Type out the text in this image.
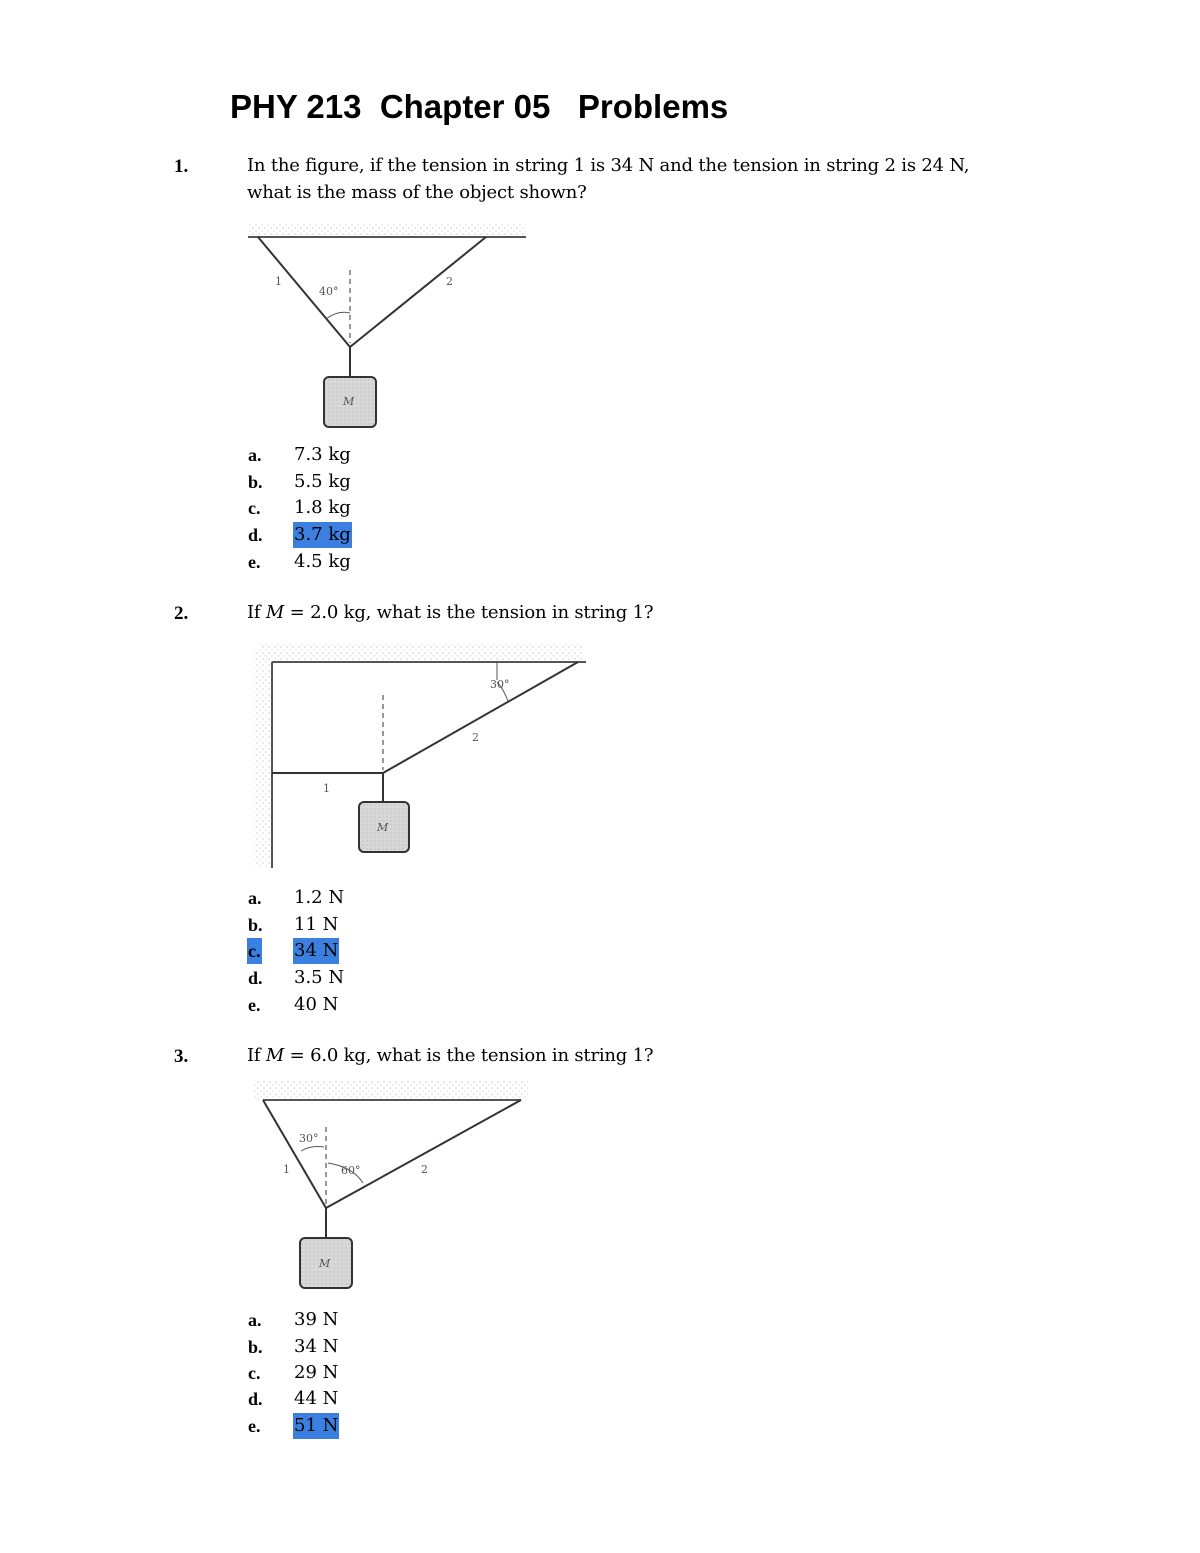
PHY 213  Chapter 05   Problems
1.	In the figure, if the tension in string 1 is 34 N and the tension in string 2 is 24 N,
what is the mass of the object shown?
1	2
40°
M
a. 7.3 kg
b. 5.5 kg
c. 1.8 kg
d. 3.7 kg
e. 4.5 kg
2.	If M = 2.0 kg, what is the tension in string 1?
1
2
30°
M
a. 1.2 N
b. 11 N
c. 34 N
d. 3.5 N
e. 40 N
3.	If M = 6.0 kg, what is the tension in string 1?
1	2
30°
60°
M
a. 39 N
b. 34 N
c. 29 N
d. 44 N
e. 51 N
